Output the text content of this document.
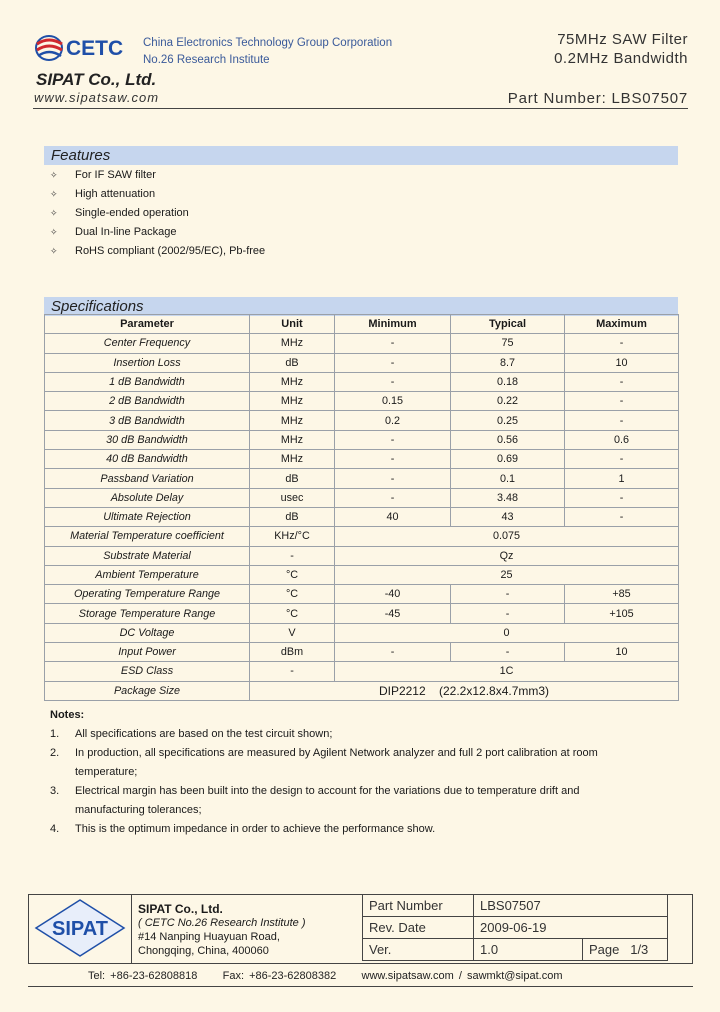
CETC China Electronics Technology Group Corporation
No.26 Research Institute
SIPAT Co., Ltd.
www.sipatsaw.com
75MHz SAW Filter
0.2MHz Bandwidth
Part Number: LBS07507
Features
✧ For IF SAW filter
✧ High attenuation
✧ Single-ended operation
✧ Dual In-line Package
✧ RoHS compliant (2002/95/EC), Pb-free
Specifications
Parameter	Unit	Minimum	Typical	Maximum
Center Frequency	MHz	-	75	-
Insertion Loss	dB	-	8.7	10
1 dB Bandwidth	MHz	-	0.18	-
2 dB Bandwidth	MHz	0.15	0.22	-
3 dB Bandwidth	MHz	0.2	0.25	-
30 dB Bandwidth	MHz	-	0.56	0.6
40 dB Bandwidth	MHz	-	0.69	-
Passband Variation	dB	-	0.1	1
Absolute Delay	usec	-	3.48	-
Ultimate Rejection	dB	40	43	-
Material Temperature coefficient	KHz/°C	0.075		
Substrate Material	-	Qz		
Ambient Temperature	°C	25		
Operating Temperature Range	°C	-40	-	+85
Storage Temperature Range	°C	-45	-	+105
DC Voltage	V	0		
Input Power	dBm	-	-	10
ESD Class	-	1C		
Package Size	DIP2212    (22.2x12.8x4.7mm3)			
Notes:
1.	All specifications are based on the test circuit shown;
2.	In production, all specifications are measured by Agilent Network analyzer and full 2 port calibration at room
temperature;
3.	Electrical margin has been built into the design to account for the variations due to temperature drift and
manufacturing tolerances;
4.	This is the optimum impedance in order to achieve the performance show.
SIPAT
SIPAT Co., Ltd.
( CETC No.26 Research Institute )
#14 Nanping Huayuan Road,
Chongqing, China, 400060
Part Number	LBS07507	
Rev. Date	2009-06-19	
Ver.	1.0	Page 1/3
Tel: +86-23-62808818     Fax: +86-23-62808382     www.sipatsaw.com / sawmkt@sipat.com
